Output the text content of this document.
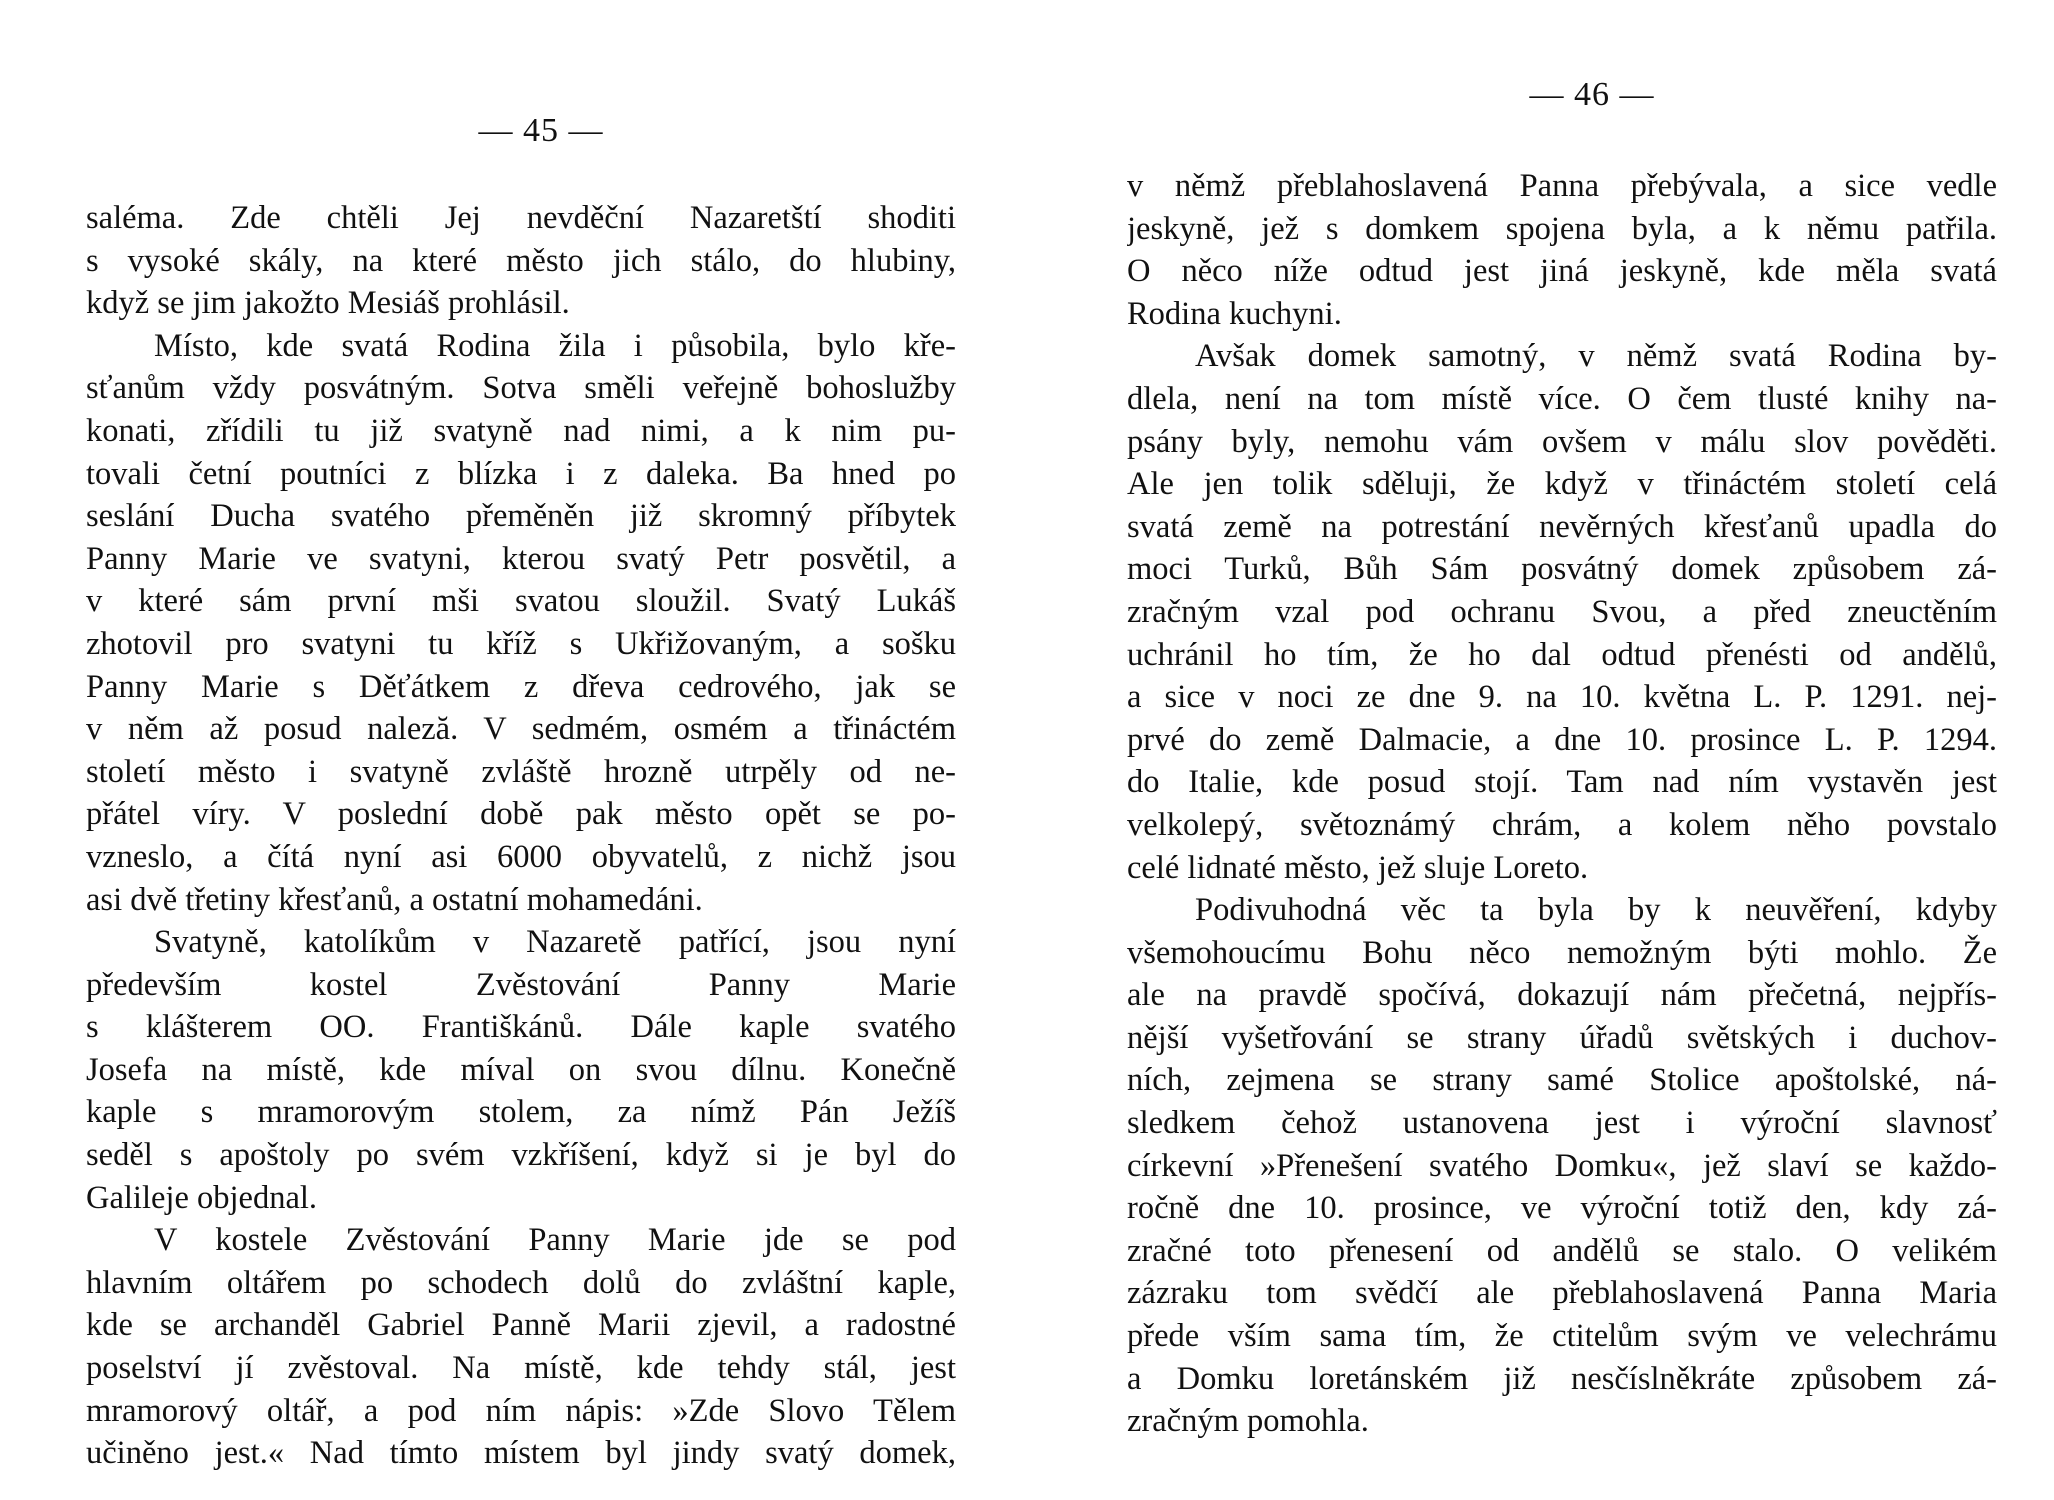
— 45 —
saléma. Zde chtěli Jej nevděční Nazaretští shoditi
s vysoké skály, na které město jich stálo, do hlubiny,
když se jim jakožto Mesiáš prohlásil.
Místo, kde svatá Rodina žila i působila, bylo kře-
sťanům vždy posvátným. Sotva směli veřejně bohoslužby
konati, zřídili tu již svatyně nad nimi, a k nim pu-
tovali četní poutníci z blízka i z daleka. Ba hned po
seslání Ducha svatého přeměněn již skromný příbytek
Panny Marie ve svatyni, kterou svatý Petr posvětil, a
v které sám první mši svatou sloužil. Svatý Lukáš
zhotovil pro svatyni tu kříž s Ukřižovaným, a sošku
Panny Marie s Děťátkem z dřeva cedrového, jak se
v něm až posud naleză. V sedmém, osmém a třináctém
století město i svatyně zvláště hrozně utrpěly od ne-
přátel víry. V poslední době pak město opět se po-
vzneslo, a čítá nyní asi 6000 obyvatelů, z nichž jsou
asi dvě třetiny křesťanů, a ostatní mohamedáni.
Svatyně, katolíkům v Nazaretě patřící, jsou nyní
především kostel Zvěstování Panny Marie
s klášterem OO. Františkánů. Dále kaple svatého
Josefa na místě, kde míval on svou dílnu. Konečně
kaple s mramorovým stolem, za nímž Pán Ježíš
seděl s apoštoly po svém vzkříšení, když si je byl do
Galileje objednal.
V kostele Zvěstování Panny Marie jde se pod
hlavním oltářem po schodech dolů do zvláštní kaple,
kde se archanděl Gabriel Panně Marii zjevil, a radostné
poselství jí zvěstoval. Na místě, kde tehdy stál, jest
mramorový oltář, a pod ním nápis: »Zde Slovo Tělem
učiněno jest.« Nad tímto místem byl jindy svatý domek,
— 46 —
v němž přeblahoslavená Panna přebývala, a sice vedle
jeskyně, jež s domkem spojena byla, a k němu patřila.
O něco níže odtud jest jiná jeskyně, kde měla svatá
Rodina kuchyni.
Avšak domek samotný, v němž svatá Rodina by-
dlela, není na tom místě více. O čem tlusté knihy na-
psány byly, nemohu vám ovšem v málu slov pověděti.
Ale jen tolik sděluji, že když v třináctém století celá
svatá země na potrestání nevěrných křesťanů upadla do
moci Turků, Bůh Sám posvátný domek způsobem zá-
zračným vzal pod ochranu Svou, a před zneuctěním
uchránil ho tím, že ho dal odtud přenésti od andělů,
a sice v noci ze dne 9. na 10. května L. P. 1291. nej-
prvé do země Dalmacie, a dne 10. prosince L. P. 1294.
do Italie, kde posud stojí. Tam nad ním vystavěn jest
velkolepý, světoznámý chrám, a kolem něho povstalo
celé lidnaté město, jež sluje Loreto.
Podivuhodná věc ta byla by k neuvěření, kdyby
všemohoucímu Bohu něco nemožným býti mohlo. Že
ale na pravdě spočívá, dokazují nám přečetná, nejpřís-
nější vyšetřování se strany úřadů světských i duchov-
ních, zejmena se strany samé Stolice apoštolské, ná-
sledkem čehož ustanovena jest i výroční slavnosť
církevní »Přenešení svatého Domku«, jež slaví se každo-
ročně dne 10. prosince, ve výroční totiž den, kdy zá-
zračné toto přenesení od andělů se stalo. O velikém
zázraku tom svědčí ale přeblahoslavená Panna Maria
přede vším sama tím, že ctitelům svým ve velechrámu
a Domku loretánském již nesčíslněkráte způsobem zá-
zračným pomohla.
